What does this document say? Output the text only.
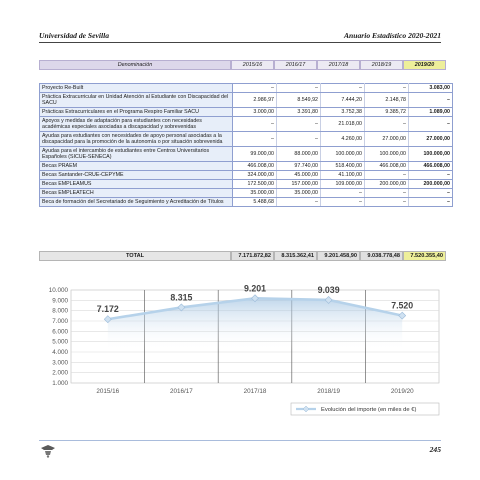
Universidad de Sevilla	Anuario Estadístico 2020-2021
Denominación	2015/16	2016/17	2017/18	2018/19	2019/20
Proyecto Re-Built	–	–	–	–	3.083,00
Práctica Extracurricular en Unidad Atención al Estudiante con Discapacidad del SACU	2.986,97	8.549,92	7.444,20	2.148,78	–
Prácticas Extracurriculares en el Programa Respiro Familiar SACU	3.000,00	3.391,80	3.752,38	9.385,72	1.089,00
Apoyos y medidas de adaptación para estudiantes con necesidades académicas especiales asociadas a discapacidad y sobrevenidas	–	–	21.018,00	–	–
Ayudas para estudiantes con necesidades de apoyo personal asociadas a la discapacidad para la promoción de la autonomía o por situación sobrevenida	–	–	4.260,00	27.000,00	27.000,00
Ayudas para el intercambio de estudiantes entre Centros Universitarios Españoles (SICUE-SENECA)	99.000,00	88.000,00	100.000,00	100.000,00	100.000,00
Becas PRAEM	466.008,00	97.740,00	518.400,00	466.008,00	466.008,00
Becas Santander-CRUE-CEPYME	324.000,00	45.000,00	41.100,00	–	–
Becas EMPLEAMUS	172.500,00	157.000,00	109.000,00	200.000,00	200.000,00
Becas EMPLEATECH	35.000,00	35.000,00	–	–	–
Beca de formación del Secretariado de Seguimiento y Acreditación de Títulos	5.488,68	–	–	–	–
TOTAL	7.171.872,82	8.315.362,41	9.201.458,90	9.038.778,48	7.520.355,40
10.000
9.000
8.000
7.000
6.000
5.000
4.000
3.000
2.000
1.000
7.172
8.315
9.201	9.039
7.520
2015/16	2016/17	2017/18	2018/19	2019/20
Evolución del importe (en miles de €)
245
